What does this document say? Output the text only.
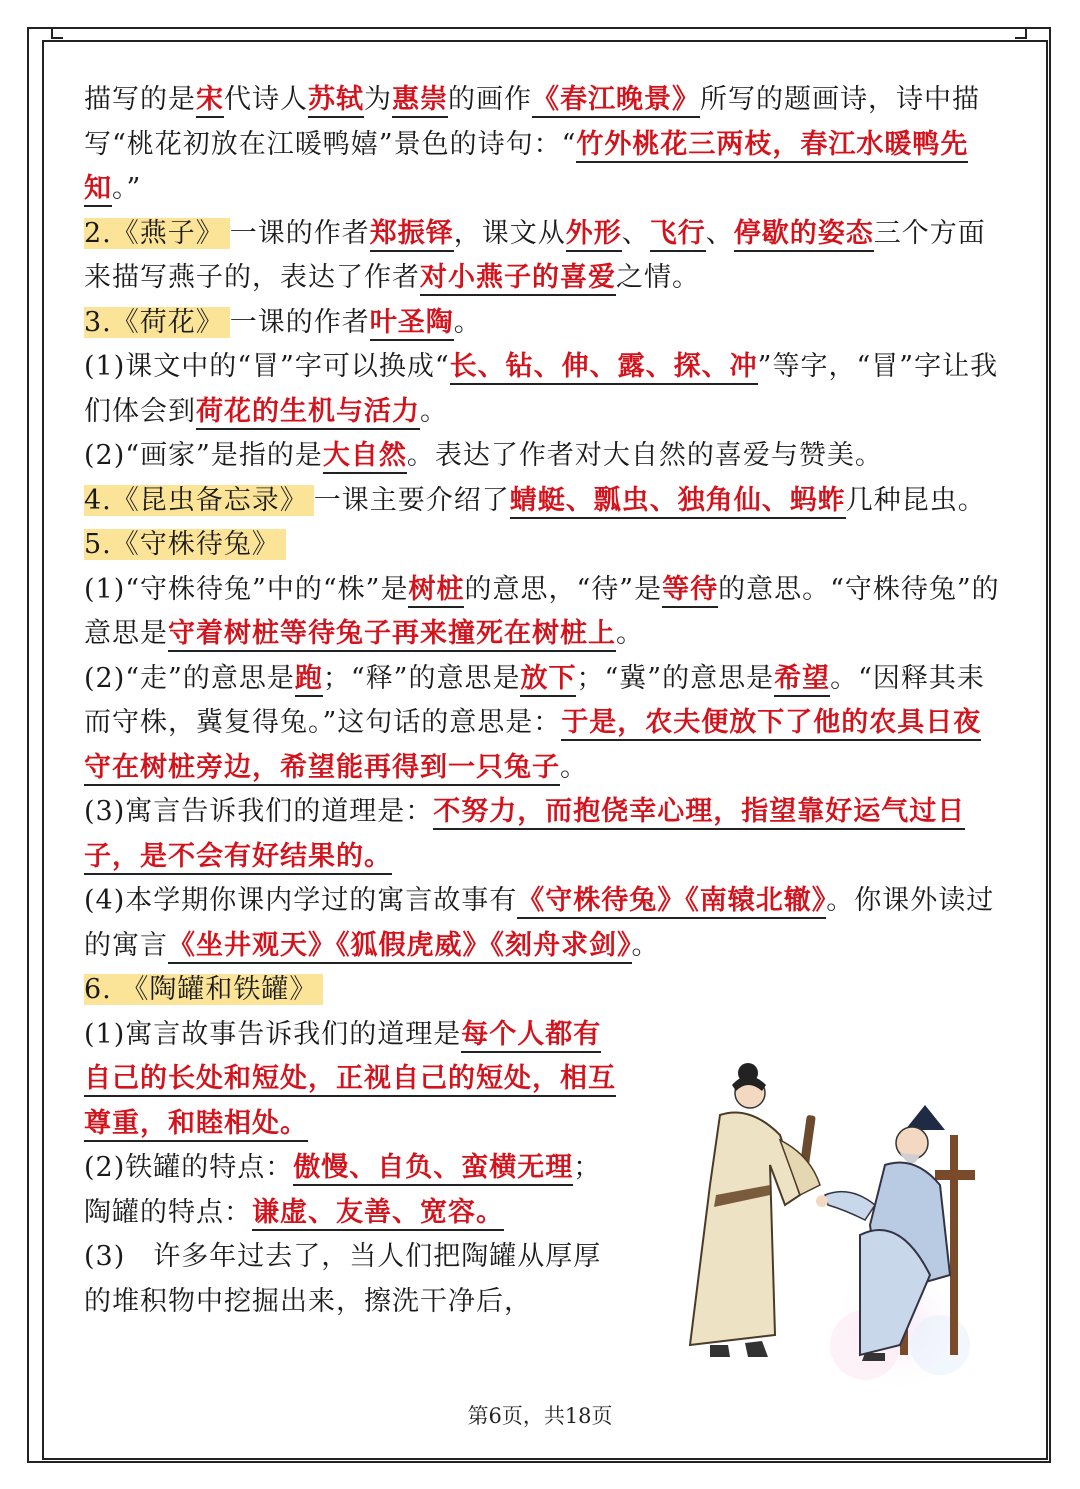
描写的是宋代诗人苏轼为惠崇的画作《春江晚景》所写的题画诗，诗中描写“桃花初放在江暖鸭嬉”景色的诗句：“竹外桃花三两枝，春江水暖鸭先知。”

2.《燕子》 一课的作者郑振铎，课文从外形、飞行、停歇的姿态三个方面来描写燕子的，表达了作者对小燕子的喜爱之情。

3.《荷花》 一课的作者叶圣陶。

(1)课文中的“冒”字可以换成“长、钻、伸、露、探、冲”等字，“冒”字让我们体会到荷花的生机与活力。

(2)“画家”是指的是大自然。表达了作者对大自然的喜爱与赞美。

4.《昆虫备忘录》 一课主要介绍了蜻蜓、瓢虫、独角仙、蚂蚱几种昆虫。

5.《守株待兔》

(1)“守株待兔”中的“株”是树桩的意思，“待”是等待的意思。“守株待兔”的意思是守着树桩等待兔子再来撞死在树桩上。

(2)“走”的意思是跑；“释”的意思是放下；“冀”的意思是希望。“因释其耒而守株，冀复得兔。”这句话的意思是：于是，农夫便放下了他的农具日夜守在树桩旁边，希望能再得到一只兔子。

(3)寓言告诉我们的道理是：不努力，而抱侥幸心理，指望靠好运气过日子，是不会有好结果的。

(4)本学期你课内学过的寓言故事有《守株待兔》《南辕北辙》。你课外读过的寓言《坐井观天》《狐假虎威》《刻舟求剑》。

6. 《陶罐和铁罐》

(1)寓言故事告诉我们的道理是每个人都有自己的长处和短处，正视自己的短处，相互尊重，和睦相处。

(2)铁罐的特点：傲慢、自负、蛮横无理；陶罐的特点：谦虚、友善、宽容。

(3)　许多年过去了，当人们把陶罐从厚厚的堆积物中挖掘出来，擦洗干净后，

第6页，共18页
